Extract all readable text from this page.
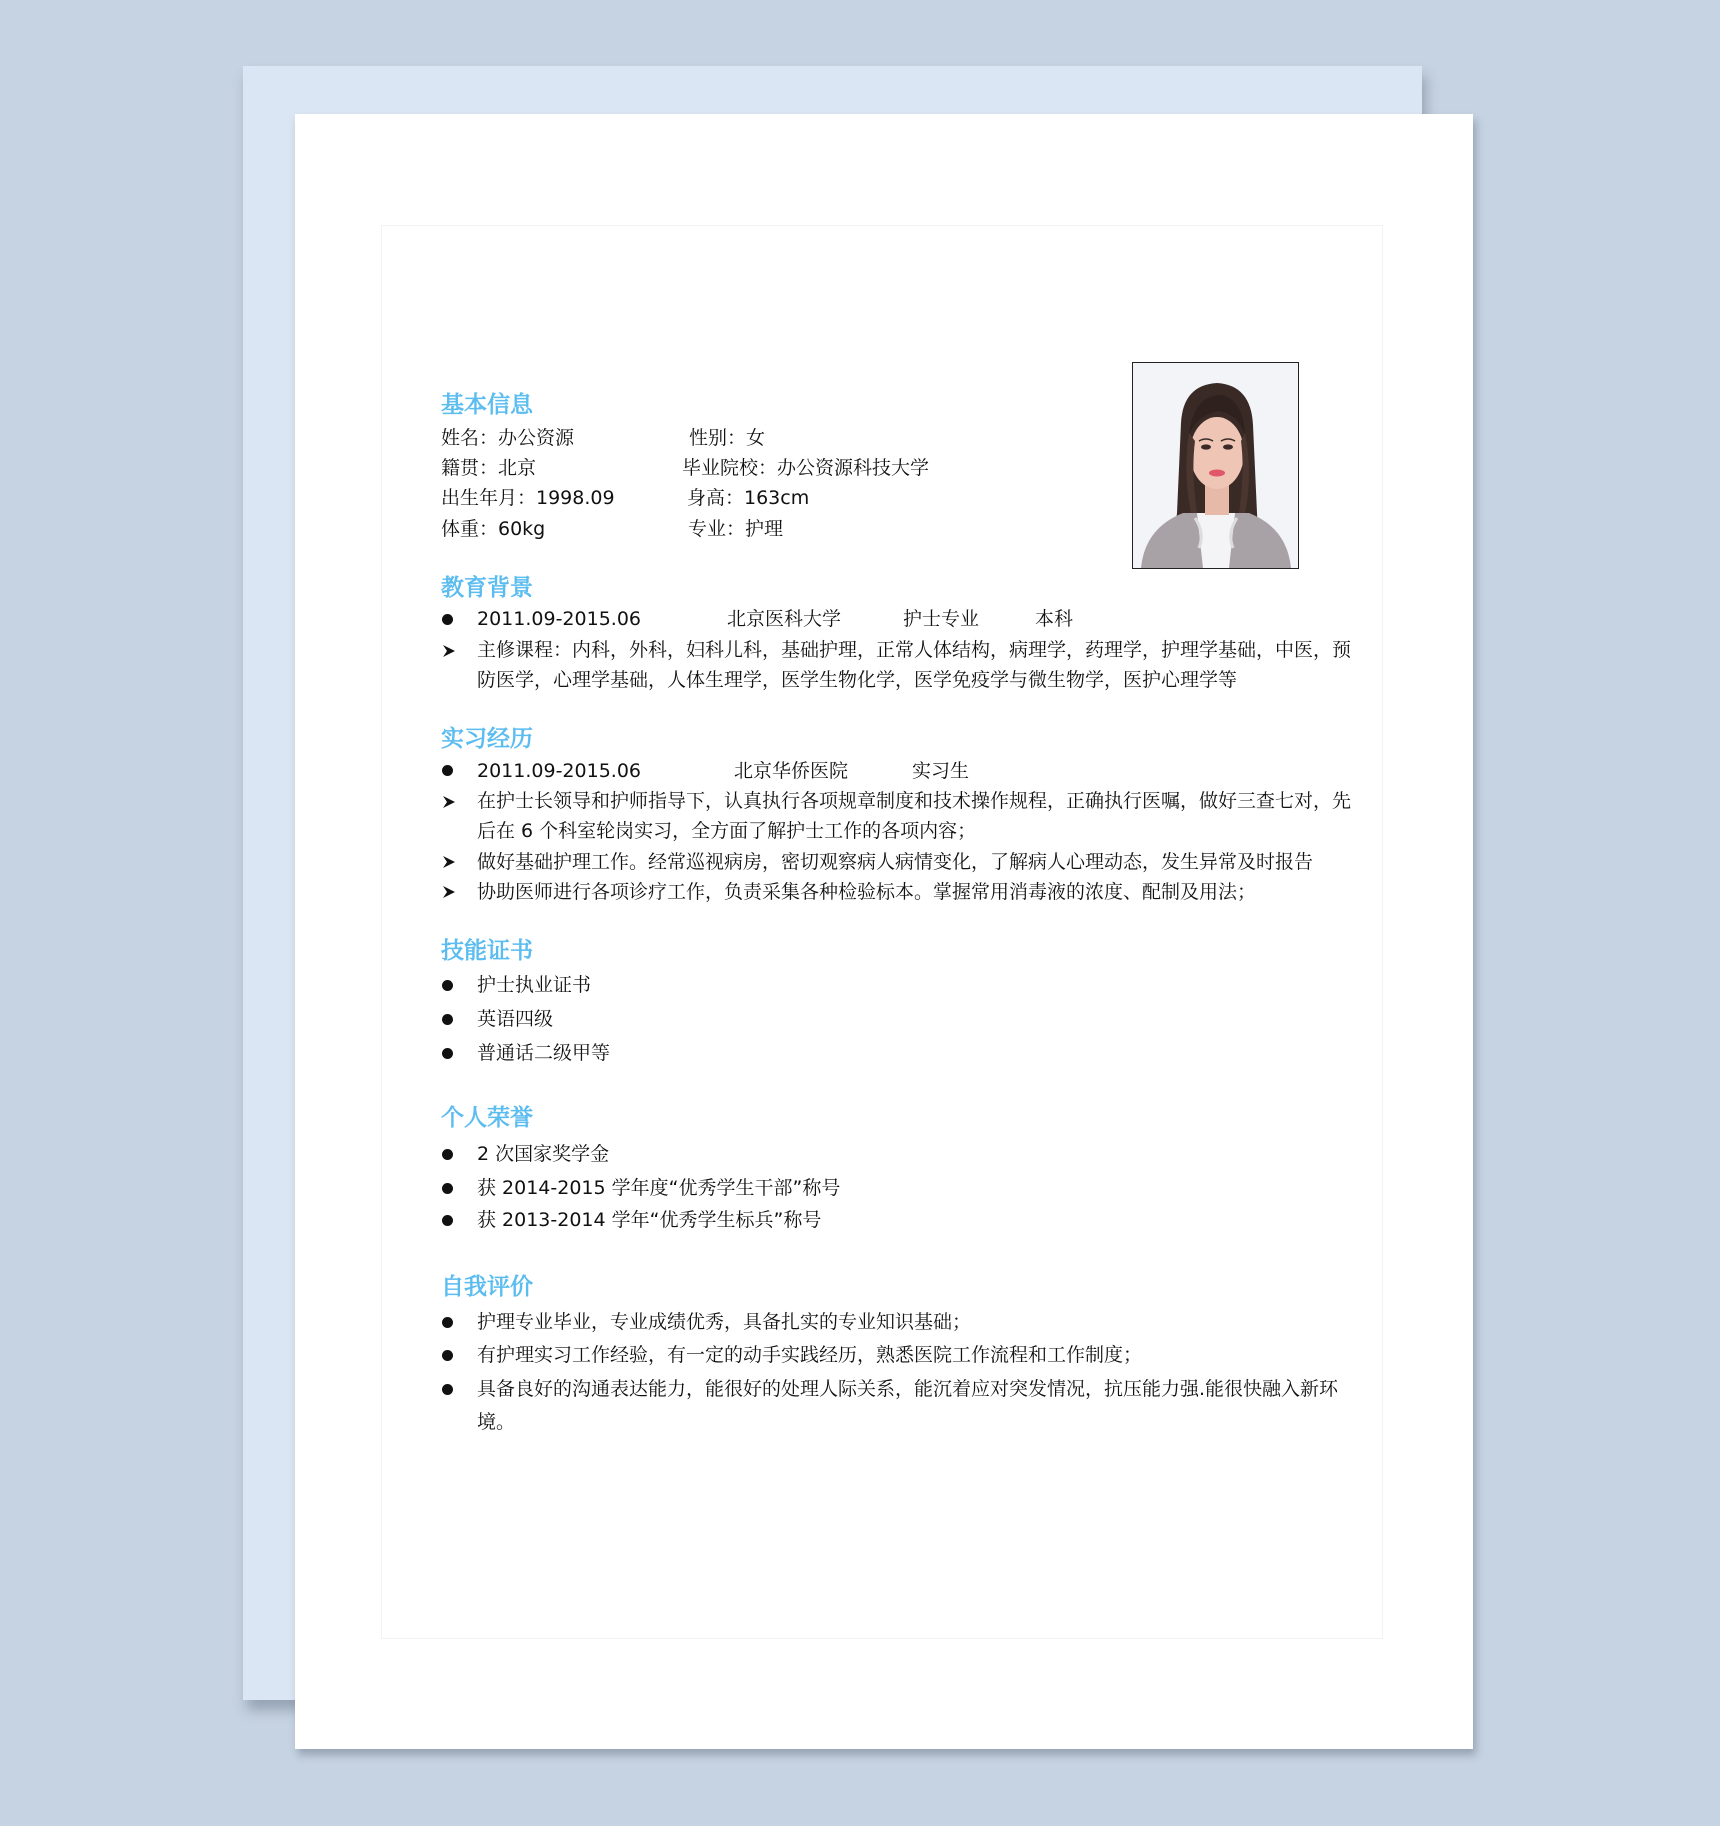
基本信息
姓名：办公资源	性别：女
籍贯：北京	毕业院校：办公资源科技大学
出生年月：1998.09	身高：163cm
体重：60kg	专业：护理
教育背景
2011.09-2015.06	北京医科大学	护士专业	本科
主修课程：内科，外科，妇科儿科，基础护理，正常人体结构，病理学，药理学，护理学基础，中医，预
防医学，心理学基础，人体生理学，医学生物化学，医学免疫学与微生物学，医护心理学等
实习经历
2011.09-2015.06	北京华侨医院	实习生
在护士长领导和护师指导下，认真执行各项规章制度和技术操作规程，正确执行医嘱，做好三查七对，先
后在 6 个科室轮岗实习，全方面了解护士工作的各项内容；
做好基础护理工作。经常巡视病房，密切观察病人病情变化，了解病人心理动态，发生异常及时报告
协助医师进行各项诊疗工作，负责采集各种检验标本。掌握常用消毒液的浓度、配制及用法；
技能证书
护士执业证书
英语四级
普通话二级甲等
个人荣誉
2 次国家奖学金
获 2014-2015 学年度“优秀学生干部”称号
获 2013-2014 学年“优秀学生标兵”称号
自我评价
护理专业毕业，专业成绩优秀，具备扎实的专业知识基础；
有护理实习工作经验，有一定的动手实践经历，熟悉医院工作流程和工作制度；
具备良好的沟通表达能力，能很好的处理人际关系，能沉着应对突发情况，抗压能力强.能很快融入新环
境。
